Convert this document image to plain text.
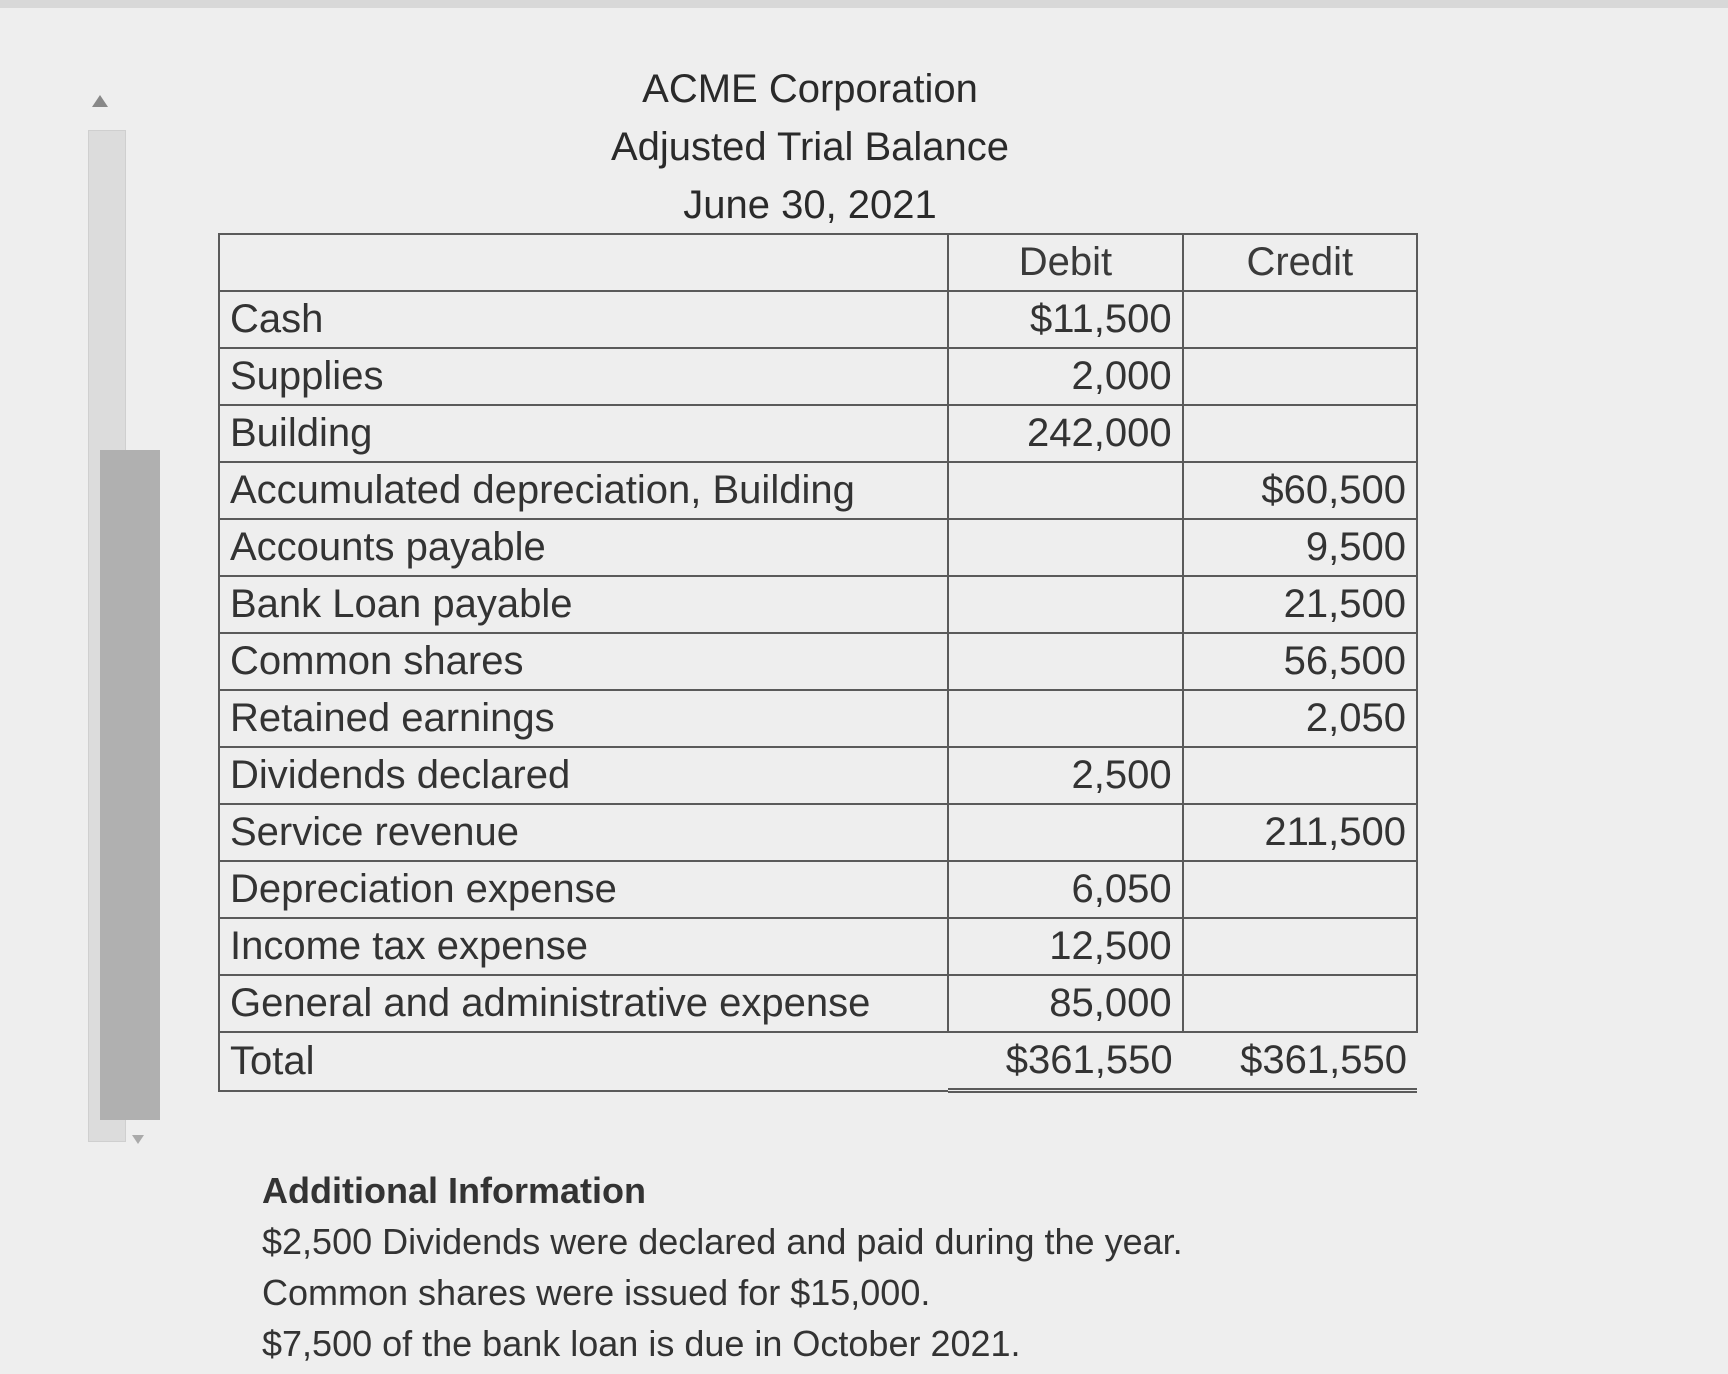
ACME Corporation
Adjusted Trial Balance
June 30, 2021
	Debit	Credit
Cash	$11,500	
Supplies	2,000	
Building	242,000	
Accumulated depreciation, Building		$60,500
Accounts payable		9,500
Bank Loan payable		21,500
Common shares		56,500
Retained earnings		2,050
Dividends declared	2,500	
Service revenue		211,500
Depreciation expense	6,050	
Income tax expense	12,500	
General and administrative expense	85,000	
Total	$361,550	$361,550
Additional Information
$2,500 Dividends were declared and paid during the year.
Common shares were issued for $15,000.
$7,500 of the bank loan is due in October 2021.
